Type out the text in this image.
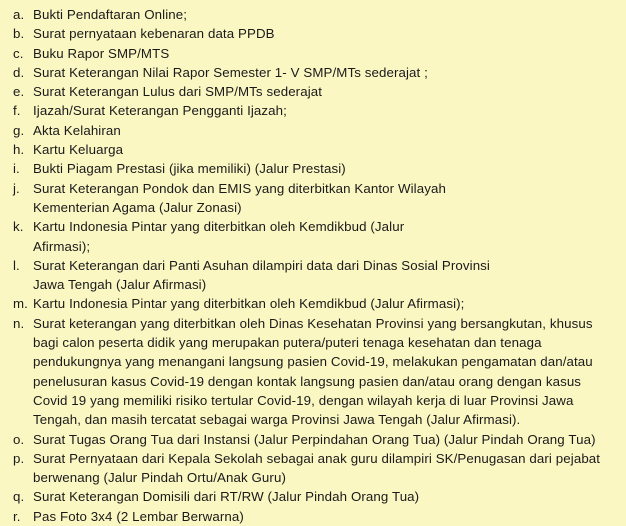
a. Bukti Pendaftaran Online;
b. Surat pernyataan kebenaran data PPDB
c. Buku Rapor SMP/MTS
d. Surat Keterangan Nilai Rapor Semester 1- V SMP/MTs sederajat ;
e. Surat Keterangan Lulus dari SMP/MTs sederajat
f. Ijazah/Surat Keterangan Pengganti Ijazah;
g. Akta Kelahiran
h. Kartu Keluarga
i. Bukti Piagam Prestasi (jika memiliki) (Jalur Prestasi)
j. Surat Keterangan Pondok dan EMIS yang diterbitkan Kantor Wilayah Kementerian Agama (Jalur Zonasi)
k. Kartu Indonesia Pintar yang diterbitkan oleh Kemdikbud (Jalur Afirmasi);
l. Surat Keterangan dari Panti Asuhan dilampiri data dari Dinas Sosial Provinsi Jawa Tengah (Jalur Afirmasi)
m. Kartu Indonesia Pintar yang diterbitkan oleh Kemdikbud (Jalur Afirmasi);
n. Surat keterangan yang diterbitkan oleh Dinas Kesehatan Provinsi yang bersangkutan, khusus bagi calon peserta didik yang merupakan putera/puteri tenaga kesehatan dan tenaga pendukungnya yang menangani langsung pasien Covid-19, melakukan pengamatan dan/atau penelusuran kasus Covid-19 dengan kontak langsung pasien dan/atau orang dengan kasus Covid 19 yang memiliki risiko tertular Covid-19, dengan wilayah kerja di luar Provinsi Jawa Tengah, dan masih tercatat sebagai warga Provinsi Jawa Tengah (Jalur Afirmasi).
o. Surat Tugas Orang Tua dari Instansi (Jalur Perpindahan Orang Tua) (Jalur Pindah Orang Tua)
p. Surat Pernyataan dari Kepala Sekolah sebagai anak guru dilampiri SK/Penugasan dari pejabat berwenang (Jalur Pindah Ortu/Anak Guru)
q. Surat Keterangan Domisili dari RT/RW (Jalur Pindah Orang Tua)
r. Pas Foto 3x4 (2 Lembar Berwarna)
